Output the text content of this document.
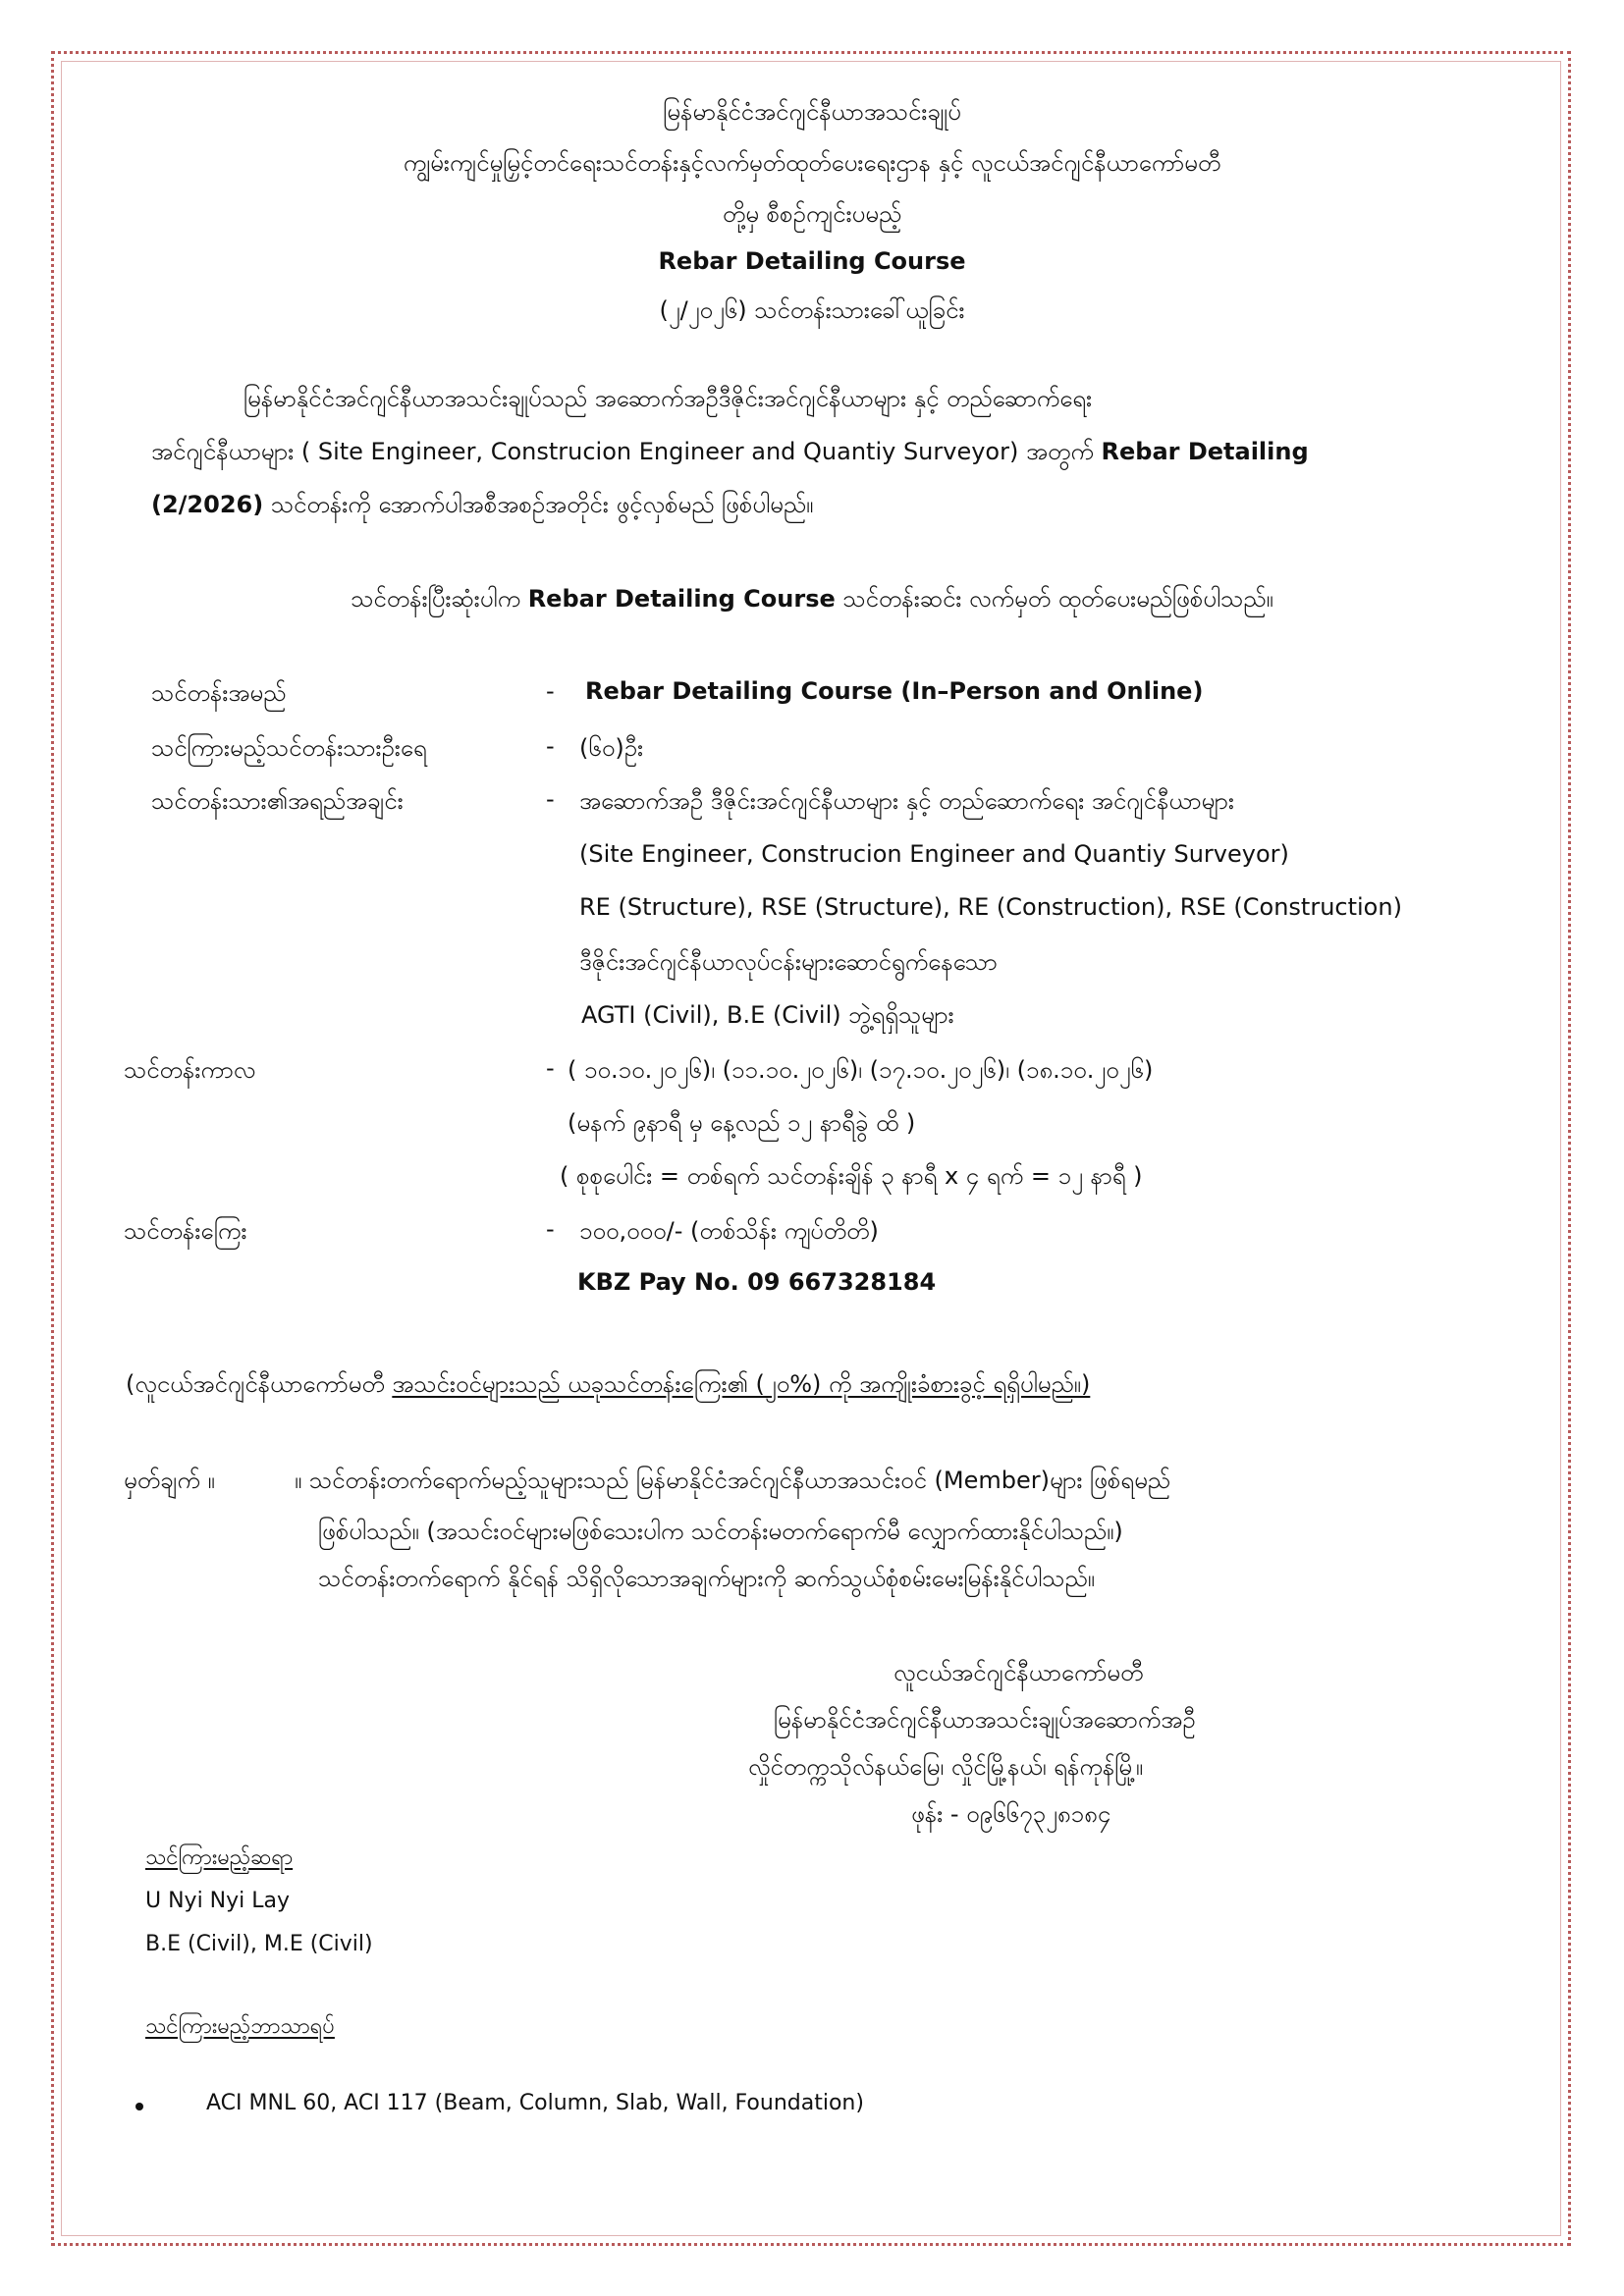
မြန်မာနိုင်ငံအင်ဂျင်နီယာအသင်းချုပ်
ကျွမ်းကျင်မှုမြှင့်တင်ရေးသင်တန်းနှင့်လက်မှတ်ထုတ်ပေးရေးဌာန နှင့် လူငယ်အင်ဂျင်နီယာကော်မတီ
တို့မှ စီစဉ်ကျင်းပမည့်
Rebar Detailing Course
(၂/၂၀၂၆) သင်တန်းသားခေါ်ယူခြင်း
မြန်မာနိုင်ငံအင်ဂျင်နီယာအသင်းချုပ်သည် အဆောက်အဦဒီဇိုင်းအင်ဂျင်နီယာများ နှင့် တည်ဆောက်ရေး
အင်ဂျင်နီယာများ ( Site Engineer, Construcion Engineer and Quantiy Surveyor) အတွက် Rebar Detailing
(2/2026) သင်တန်းကို အောက်ပါအစီအစဉ်အတိုင်း ဖွင့်လှစ်မည် ဖြစ်ပါမည်။
သင်တန်းပြီးဆုံးပါက Rebar Detailing Course သင်တန်းဆင်း လက်မှတ် ထုတ်ပေးမည်ဖြစ်ပါသည်။
သင်တန်းအမည်	- Rebar Detailing Course (In–Person and Online)
သင်ကြားမည့်သင်တန်းသားဦးရေ	- (၆၀)ဦး
သင်တန်းသား၏အရည်အချင်း	- အဆောက်အဦ ဒီဇိုင်းအင်ဂျင်နီယာများ နှင့် တည်ဆောက်ရေး အင်ဂျင်နီယာများ
(Site Engineer, Construcion Engineer and Quantiy Surveyor)
RE (Structure), RSE (Structure), RE (Construction), RSE (Construction)
ဒီဇိုင်းအင်ဂျင်နီယာလုပ်ငန်းများဆောင်ရွက်နေသော
AGTI (Civil), B.E (Civil) ဘွဲ့ရရှိသူများ
သင်တန်းကာလ	- ( ၁၀.၁၀.၂၀၂၆)၊ (၁၁.၁၀.၂၀၂၆)၊ (၁၇.၁၀.၂၀၂၆)၊ (၁၈.၁၀.၂၀၂၆)
(မနက် ၉နာရီ မှ နေ့လည် ၁၂ နာရီခွဲ ထိ )
( စုစုပေါင်း = တစ်ရက် သင်တန်းချိန် ၃ နာရီ x ၄ ရက် = ၁၂ နာရီ )
သင်တန်းကြေး	- ၁၀၀,၀၀၀/- (တစ်သိန်း ကျပ်တိတိ)
KBZ Pay No. 09 667328184
(လူငယ်အင်ဂျင်နီယာကော်မတီ အသင်းဝင်များသည် ယခုသင်တန်းကြေး၏ (၂၀%) ကို အကျိုးခံစားခွင့် ရရှိပါမည်။)
မှတ်ချက် ။	။ သင်တန်းတက်ရောက်မည့်သူများသည် မြန်မာနိုင်ငံအင်ဂျင်နီယာအသင်းဝင် (Member)များ ဖြစ်ရမည်
ဖြစ်ပါသည်။ (အသင်းဝင်များမဖြစ်သေးပါက သင်တန်းမတက်ရောက်မီ လျှောက်ထားနိုင်ပါသည်။)
သင်တန်းတက်ရောက် နိုင်ရန် သိရှိလိုသောအချက်များကို ဆက်သွယ်စုံစမ်းမေးမြန်းနိုင်ပါသည်။
လူငယ်အင်ဂျင်နီယာကော်မတီ
မြန်မာနိုင်ငံအင်ဂျင်နီယာအသင်းချုပ်အဆောက်အဦ
လှိုင်တက္ကသိုလ်နယ်မြေ၊ လှိုင်မြို့နယ်၊ ရန်ကုန်မြို့။
ဖုန်း - ၀၉၆၆၇၃၂၈၁၈၄
သင်ကြားမည့်ဆရာ
U Nyi Nyi Lay
B.E (Civil), M.E (Civil)
သင်ကြားမည့်ဘာသာရပ်
ACI MNL 60, ACI 117 (Beam, Column, Slab, Wall, Foundation)
